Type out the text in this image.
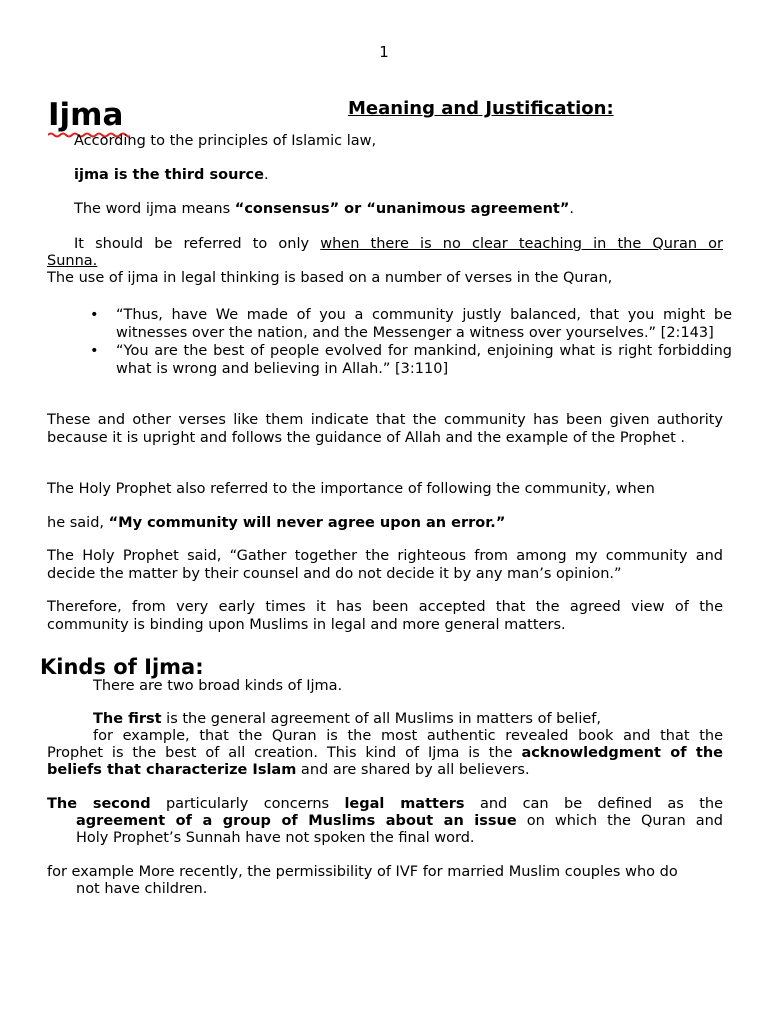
1
Ijma	Meaning and Justification:
According to the principles of Islamic law,
ijma is the third source.
The word ijma means “consensus” or “unanimous agreement”.
It should be referred to only when there is no clear teaching in the Quran or
Sunna.
The use of ijma in legal thinking is based on a number of verses in the Quran,
• “Thus, have We made of you a community justly balanced, that you might be witnesses over the nation, and the Messenger a witness over yourselves.” [2:143]
• “You are the best of people evolved for mankind, enjoining what is right forbidding what is wrong and believing in Allah.” [3:110]
These and other verses like them indicate that the community has been given authority because it is upright and follows the guidance of Allah and the example of the Prophet .
The Holy Prophet also referred to the importance of following the community, when
he said, “My community will never agree upon an error.”
The Holy Prophet said, “Gather together the righteous from among my community and decide the matter by their counsel and do not decide it by any man’s opinion.”
Therefore, from very early times it has been accepted that the agreed view of the community is binding upon Muslims in legal and more general matters.
Kinds of Ijma:
There are two broad kinds of Ijma.
The first is the general agreement of all Muslims in matters of belief,
for example, that the Quran is the most authentic revealed book and that the
Prophet is the best of all creation. This kind of Ijma is the acknowledgment of the
beliefs that characterize Islam and are shared by all believers.
The second particularly concerns legal matters and can be defined as the
agreement of a group of Muslims about an issue on which the Quran and
Holy Prophet’s Sunnah have not spoken the final word.
for example More recently, the permissibility of IVF for married Muslim couples who do
not have children.
